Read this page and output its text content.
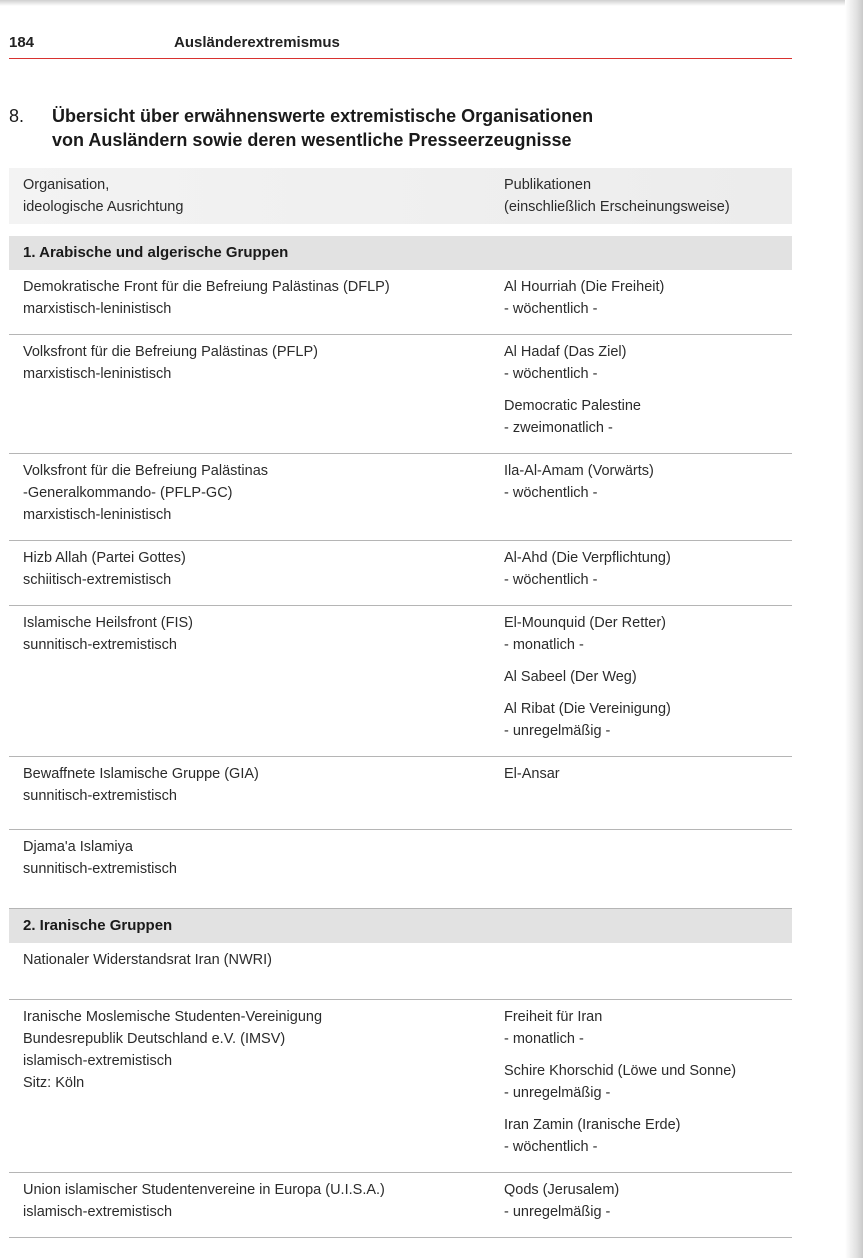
184	Ausländerextremismus
8. Übersicht über erwähnenswerte extremistische Organisationen
von Ausländern sowie deren wesentliche Presseerzeugnisse
Organisation,
ideologische Ausrichtung
Publikationen
(einschließlich Erscheinungsweise)
1. Arabische und algerische Gruppen
Demokratische Front für die Befreiung Palästinas (DFLP)
marxistisch-leninistisch
Al Hourriah (Die Freiheit)
- wöchentlich -
Volksfront für die Befreiung Palästinas (PFLP)
marxistisch-leninistisch
Al Hadaf (Das Ziel)
- wöchentlich -
Democratic Palestine
- zweimonatlich -
Volksfront für die Befreiung Palästinas
-Generalkommando- (PFLP-GC)
marxistisch-leninistisch
Ila-Al-Amam (Vorwärts)
- wöchentlich -
Hizb Allah (Partei Gottes)
schiitisch-extremistisch
Al-Ahd (Die Verpflichtung)
- wöchentlich -
Islamische Heilsfront (FIS)
sunnitisch-extremistisch
El-Mounquid (Der Retter)
- monatlich -
Al Sabeel (Der Weg)
Al Ribat (Die Vereinigung)
- unregelmäßig -
Bewaffnete Islamische Gruppe (GIA)
sunnitisch-extremistisch
El-Ansar
Djama'a Islamiya
sunnitisch-extremistisch
2. Iranische Gruppen
Nationaler Widerstandsrat Iran (NWRI)
Iranische Moslemische Studenten-Vereinigung
Bundesrepublik Deutschland e.V. (IMSV)
islamisch-extremistisch
Sitz: Köln
Freiheit für Iran
- monatlich -
Schire Khorschid (Löwe und Sonne)
- unregelmäßig -
Iran Zamin (Iranische Erde)
- wöchentlich -
Union islamischer Studentenvereine in Europa (U.I.S.A.)
islamisch-extremistisch
Qods (Jerusalem)
- unregelmäßig -
